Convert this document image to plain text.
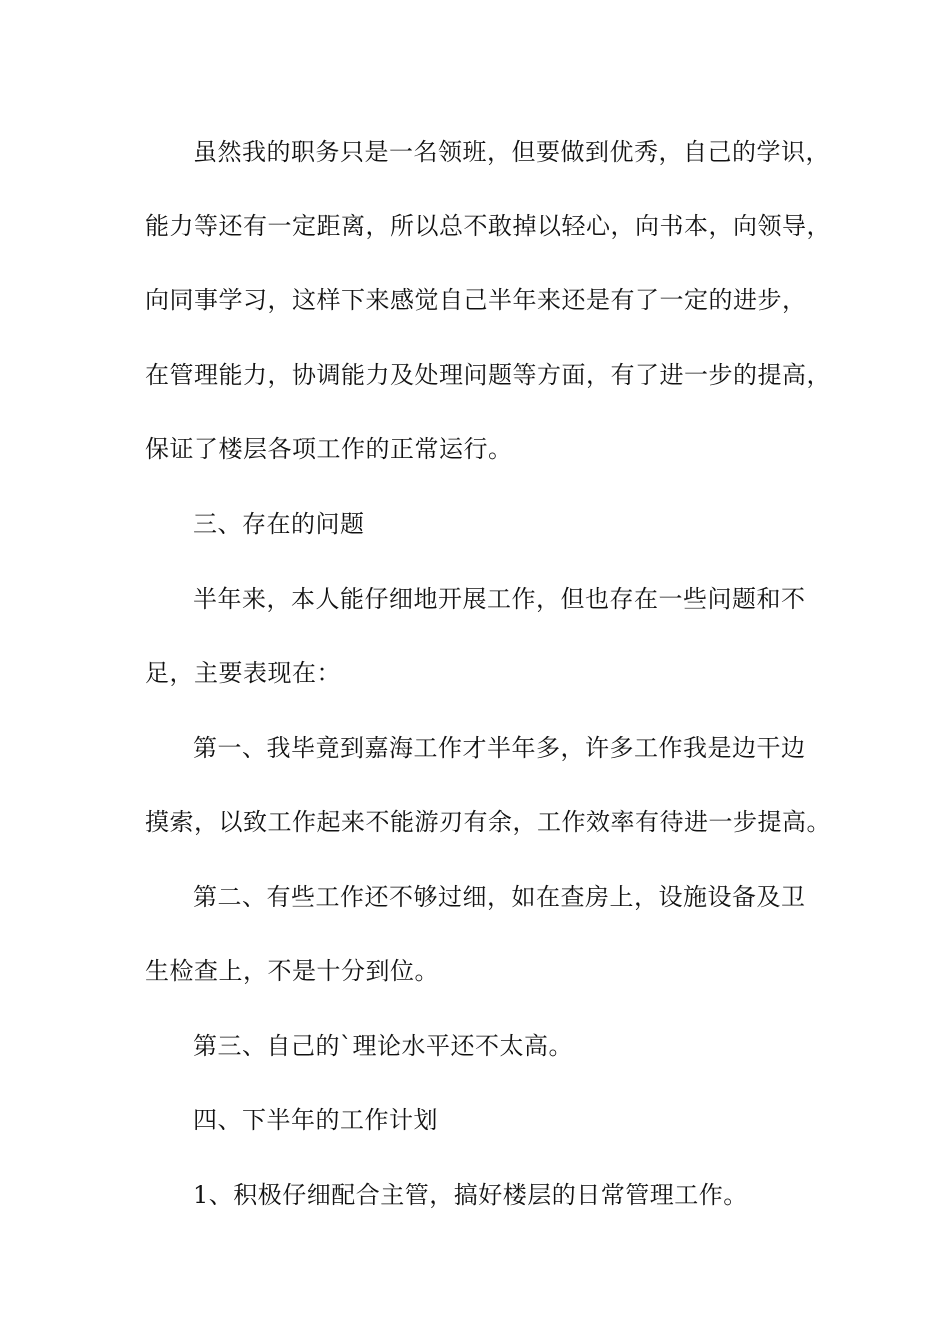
虽然我的职务只是一名领班，但要做到优秀，自己的学识，
能力等还有一定距离，所以总不敢掉以轻心，向书本，向领导，
向同事学习，这样下来感觉自己半年来还是有了一定的进步，
在管理能力，协调能力及处理问题等方面，有了进一步的提高，
保证了楼层各项工作的正常运行。
三、存在的问题
半年来，本人能仔细地开展工作，但也存在一些问题和不
足，主要表现在：
第一、我毕竟到嘉海工作才半年多，许多工作我是边干边
摸索，以致工作起来不能游刃有余，工作效率有待进一步提高。
第二、有些工作还不够过细，如在查房上，设施设备及卫
生检查上，不是十分到位。
第三、自己的`理论水平还不太高。
四、下半年的工作计划
1、积极仔细配合主管，搞好楼层的日常管理工作。
